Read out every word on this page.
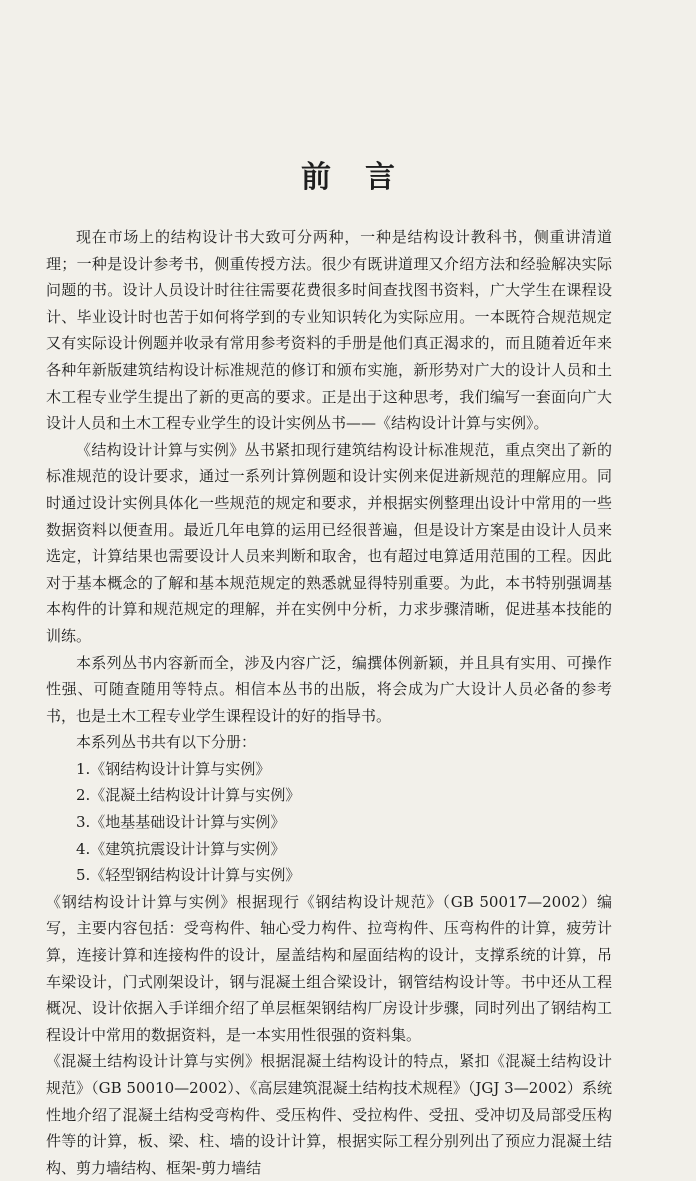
前言

现在市场上的结构设计书大致可分两种，一种是结构设计教科书，侧重讲清道理；一种是设计参考书，侧重传授方法。很少有既讲道理又介绍方法和经验解决实际问题的书。设计人员设计时往往需要花费很多时间查找图书资料，广大学生在课程设计、毕业设计时也苦于如何将学到的专业知识转化为实际应用。一本既符合规范规定又有实际设计例题并收录有常用参考资料的手册是他们真正渴求的，而且随着近年来各种年新版建筑结构设计标准规范的修订和颁布实施，新形势对广大的设计人员和土木工程专业学生提出了新的更高的要求。正是出于这种思考，我们编写一套面向广大设计人员和土木工程专业学生的设计实例丛书——《结构设计计算与实例》。

《结构设计计算与实例》丛书紧扣现行建筑结构设计标准规范，重点突出了新的标准规范的设计要求，通过一系列计算例题和设计实例来促进新规范的理解应用。同时通过设计实例具体化一些规范的规定和要求，并根据实例整理出设计中常用的一些数据资料以便查用。最近几年电算的运用已经很普遍，但是设计方案是由设计人员来选定，计算结果也需要设计人员来判断和取舍，也有超过电算适用范围的工程。因此对于基本概念的了解和基本规范规定的熟悉就显得特别重要。为此，本书特别强调基本构件的计算和规范规定的理解，并在实例中分析，力求步骤清晰，促进基本技能的训练。

本系列丛书内容新而全，涉及内容广泛，编撰体例新颖，并且具有实用、可操作性强、可随查随用等特点。相信本丛书的出版，将会成为广大设计人员必备的参考书，也是土木工程专业学生课程设计的好的指导书。

本系列丛书共有以下分册：

1.《钢结构设计计算与实例》

2.《混凝土结构设计计算与实例》

3.《地基基础设计计算与实例》

4.《建筑抗震设计计算与实例》

5.《轻型钢结构设计计算与实例》

《钢结构设计计算与实例》根据现行《钢结构设计规范》（GB 50017—2002）编写，主要内容包括：受弯构件、轴心受力构件、拉弯构件、压弯构件的计算，疲劳计算，连接计算和连接构件的设计，屋盖结构和屋面结构的设计，支撑系统的计算，吊车梁设计，门式刚架设计，钢与混凝土组合梁设计，钢管结构设计等。书中还从工程概况、设计依据入手详细介绍了单层框架钢结构厂房设计步骤，同时列出了钢结构工程设计中常用的数据资料，是一本实用性很强的资料集。

《混凝土结构设计计算与实例》根据混凝土结构设计的特点，紧扣《混凝土结构设计规范》（GB 50010—2002）、《高层建筑混凝土结构技术规程》（JGJ 3—2002）系统性地介绍了混凝土结构受弯构件、受压构件、受拉构件、受扭、受冲切及局部受压构件等的计算，板、梁、柱、墙的设计计算，根据实际工程分别列出了预应力混凝土结构、剪力墙结构、框架-剪力墙结
